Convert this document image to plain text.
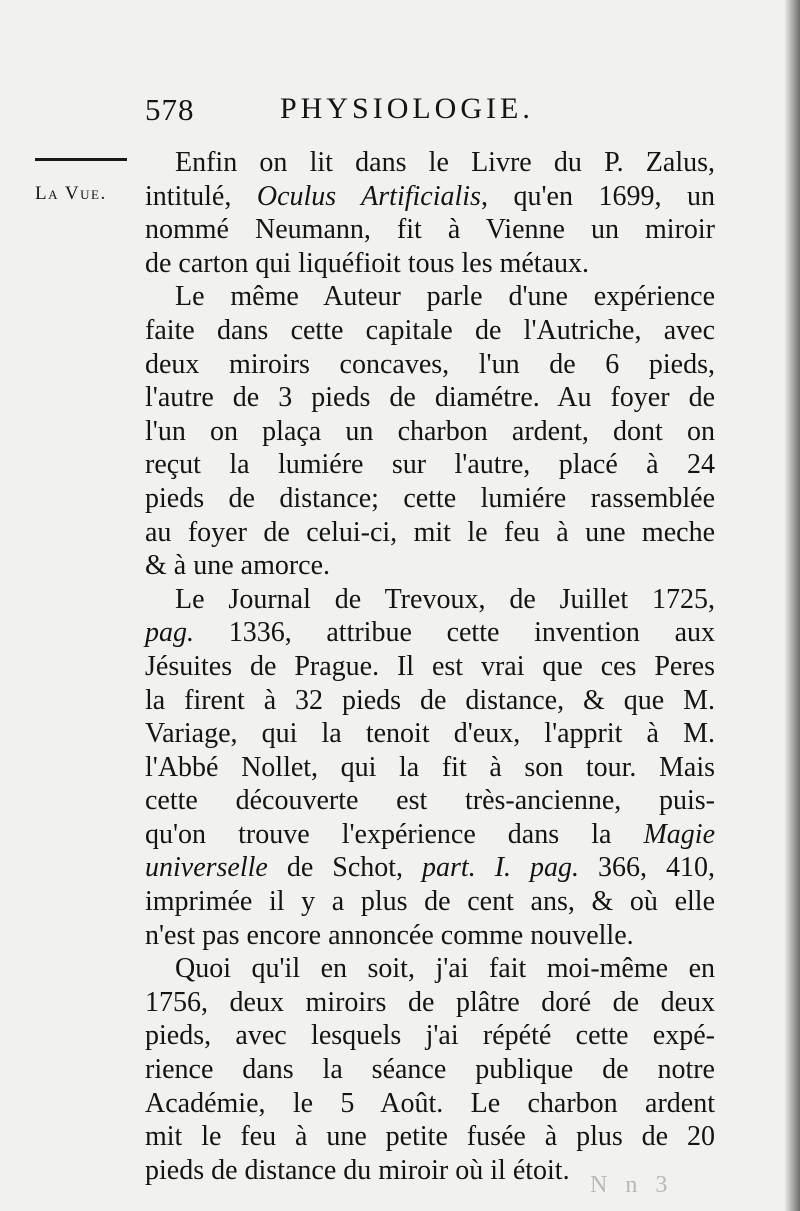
578	PHYSIOLOGIE.
La Vue.
Enfin on lit dans le Livre du P. Zalus,
intitulé, Oculus Artificialis, qu'en 1699, un
nommé Neumann, fit à Vienne un miroir
de carton qui liquéfioit tous les métaux.
Le même Auteur parle d'une expérience
faite dans cette capitale de l'Autriche, avec
deux miroirs concaves, l'un de 6 pieds,
l'autre de 3 pieds de diamétre. Au foyer de
l'un on plaça un charbon ardent, dont on
reçut la lumiére sur l'autre, placé à 24
pieds de distance; cette lumiére rassemblée
au foyer de celui-ci, mit le feu à une meche
& à une amorce.
Le Journal de Trevoux, de Juillet 1725,
pag. 1336, attribue cette invention aux
Jésuites de Prague. Il est vrai que ces Peres
la firent à 32 pieds de distance, & que M.
Variage, qui la tenoit d'eux, l'apprit à M.
l'Abbé Nollet, qui la fit à son tour. Mais
cette découverte est très-ancienne, puis-
qu'on trouve l'expérience dans la Magie
universelle de Schot, part. I. pag. 366, 410,
imprimée il y a plus de cent ans, & où elle
n'est pas encore annoncée comme nouvelle.
Quoi qu'il en soit, j'ai fait moi-même en
1756, deux miroirs de plâtre doré de deux
pieds, avec lesquels j'ai répété cette expé-
rience dans la séance publique de notre
Académie, le 5 Août. Le charbon ardent
mit le feu à une petite fusée à plus de 20
pieds de distance du miroir où il étoit. N n 3
